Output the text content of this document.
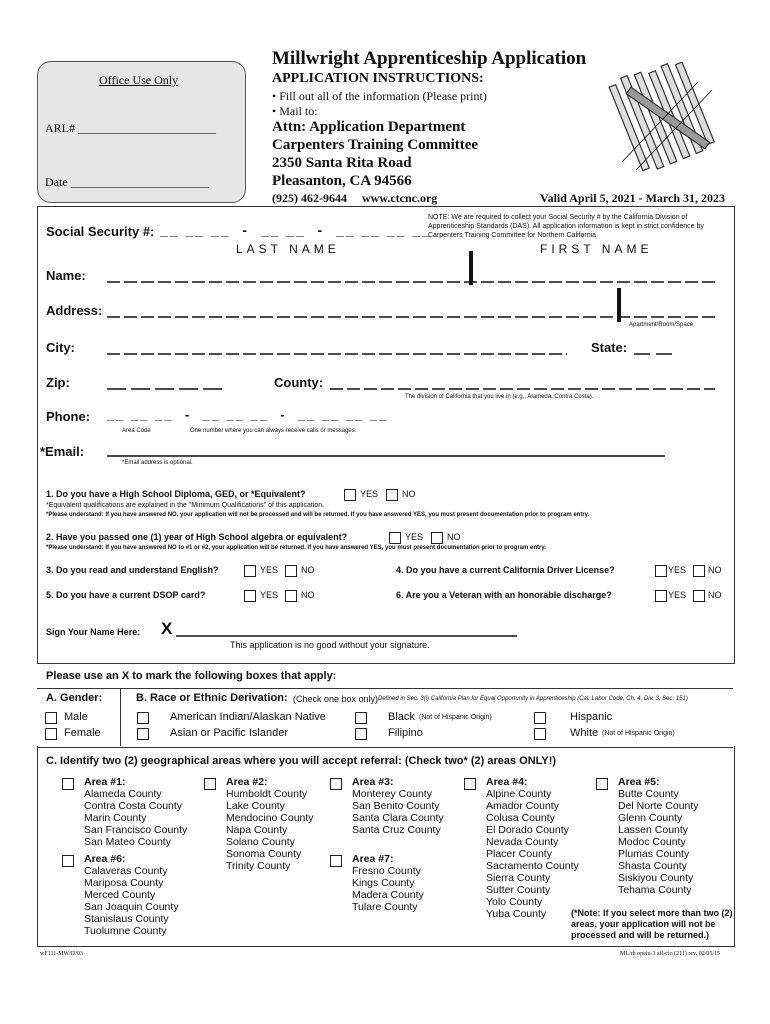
Office Use Only
ARL# _______________________
Date _______________________
Millwright Apprenticeship Application
APPLICATION INSTRUCTIONS:
• Fill out all of the information (Please print)
• Mail to:
Attn: Application Department
Carpenters Training Committee
2350 Santa Rita Road
Pleasanton, CA 94566
(925) 462-9644     www.ctcnc.org	Valid April 5, 2021 - March 31, 2023
Social Security #: __ __ __  -  __ __  -  __ __ __ __
NOTE: We are required to collect your Social Security # by the California Division of Apprenticeship Standards (DAS). All application information is kept in strict confidence by Carpenters Training Committee for Northern California.
LAST NAME	FIRST NAME
Name:
Address:
Apartment/Room/Space
City:	State:
Zip:	County:
The division of California that you live in (e.g., Alameda, Contra Costa).
Phone: __ __ __  -  __ __ __  -  __ __ __ __
Area Code	One number where you can always receive calls or messages.
*Email:
*Email address is optional.
1. Do you have a High School Diploma, GED, or *Equivalent?	YES	NO
*Equivalent qualifications are explained in the "Minimum Qualifications" of this application.
*Please understand: If you have answered NO, your application will not be processed and will be returned. If you have answered YES, you must present documentation prior to program entry.
2. Have you passed one (1) year of High School algebra or equivalent?	YES	NO
*Please understand: If you have answered NO to #1 or #2, your application will be returned. If you have answered YES, you must present documentation prior to program entry.
3. Do you read and understand English?	YES	NO	4. Do you have a current California Driver License?	YES NO
5. Do you have a current DSOP card?	YES	NO	6. Are you a Veteran with an honorable discharge?	YES NO
Sign Your Name Here: X
This application is no good without your signature.
Please use an X to mark the following boxes that apply:
A. Gender:
Male
Female
B. Race or Ethnic Derivation: (Check one box only) Defined in Sec. 3(i) California Plan for Equal Opportunity in Apprenticeship (Cal. Labor Code, Ch. 4, Div. 3, Sec. 151)
American Indian/Alaskan Native
Asian or Pacific Islander
Black (Not of Hispanic Origin)
Filipino
Hispanic
White (Not of Hispanic Origin)
C. Identify two (2) geographical areas where you will accept referral: (Check two* (2) areas ONLY!)
Area #1:
Alameda County
Contra Costa County
Marin County
San Francisco County
San Mateo County
Area #2:
Humboldt County
Lake County
Mendocino County
Napa County
Solano County
Sonoma County
Trinity County
Area #3:
Monterey County
San Benito County
Santa Clara County
Santa Cruz County
Area #4:
Alpine County
Amador County
Colusa County
El Dorado County
Nevada County
Placer County
Sacramento County
Sierra County
Sutter County
Yolo County
Yuba County
Area #5:
Butte County
Del Norte County
Glenn County
Lassen County
Modoc County
Plumas County
Shasta County
Siskiyou County
Tehama County
Area #6:
Calaveras County
Mariposa County
Merced County
San Joaquin County
Stanislaus County
Tuolumne County
Area #7:
Fresno County
Kings County
Madera County
Tulare County	(*Note: If you select more than two (2) areas, your application will not be processed and will be returned.)
wF111-MW/D/03	ML/rh opeiu-3 afl-cio (211) rev. 02/05/15
